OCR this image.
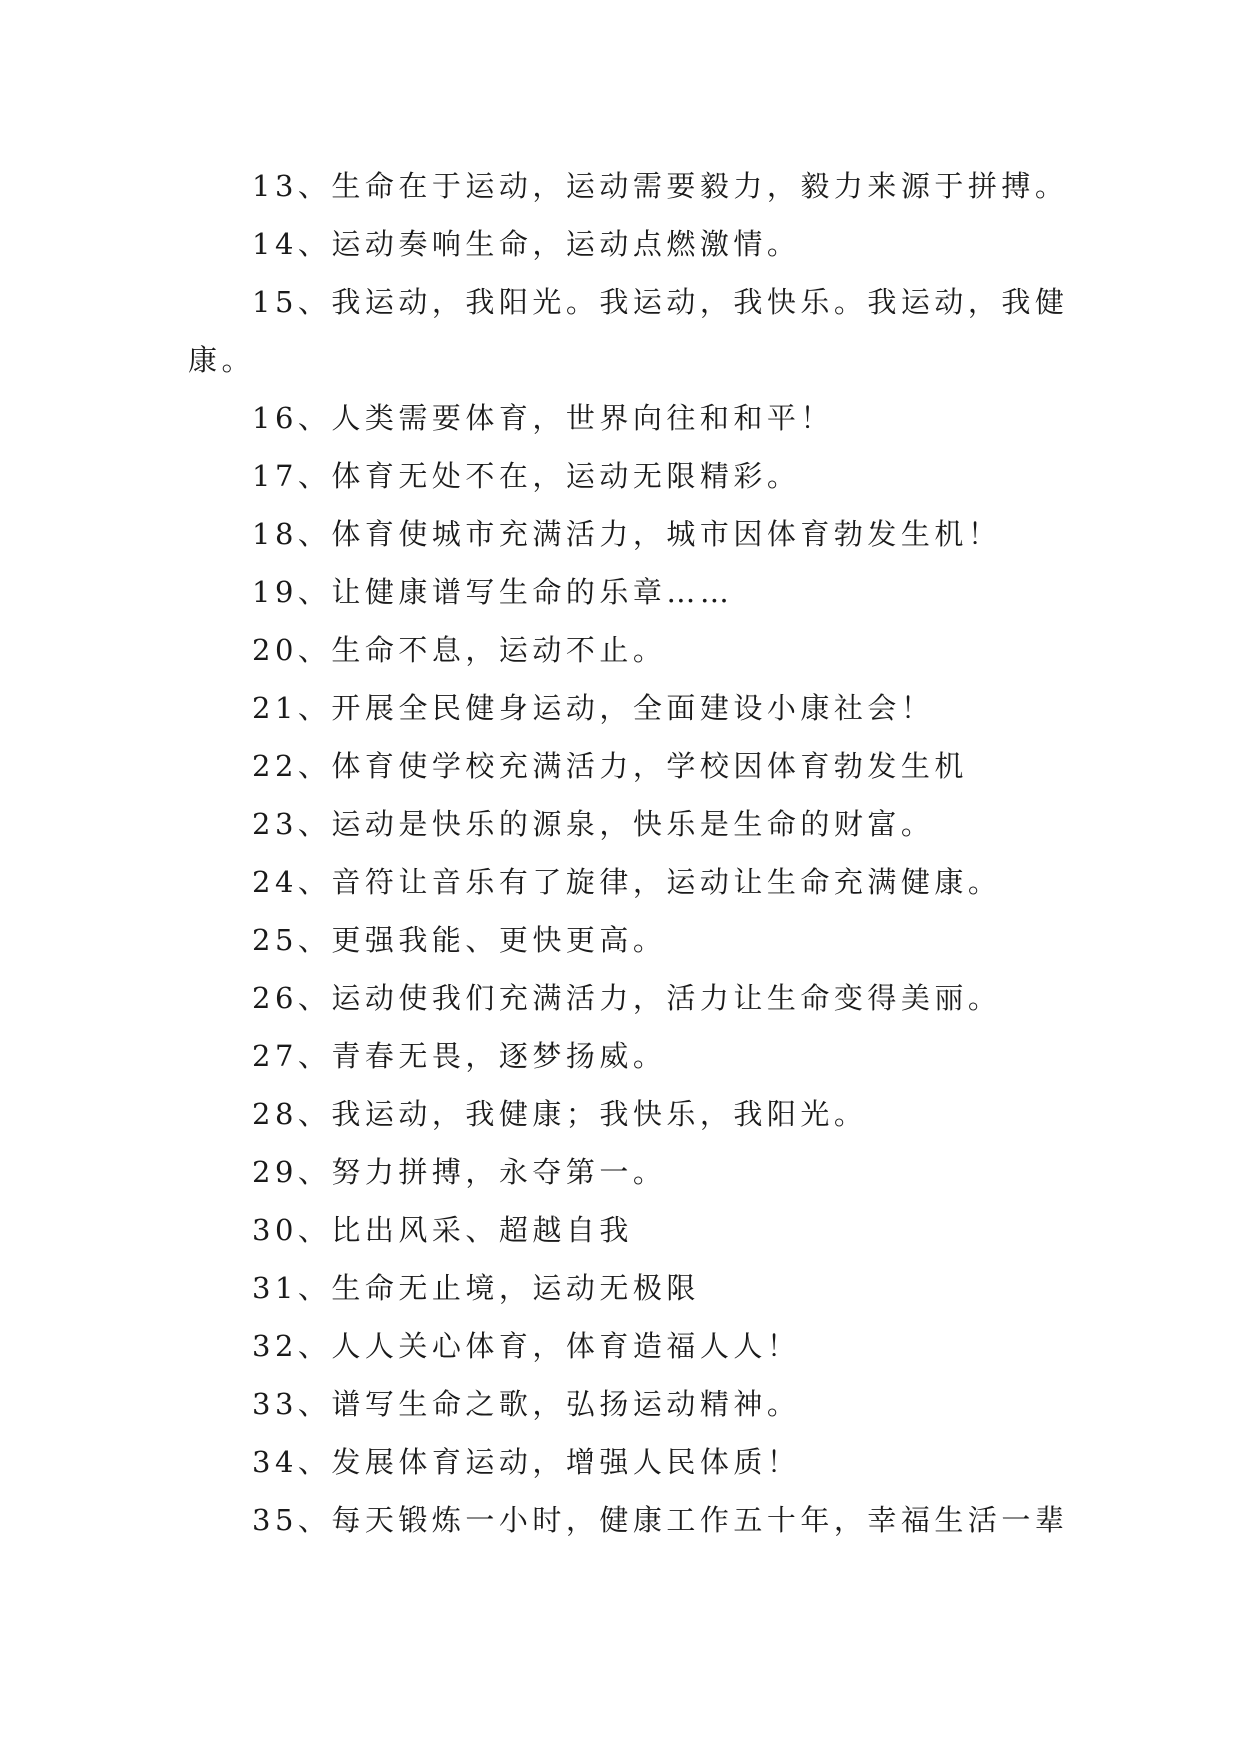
13、生命在于运动，运动需要毅力，毅力来源于拼搏。
14、运动奏响生命，运动点燃激情。
15、我运动，我阳光。我运动，我快乐。我运动，我健
康。
16、人类需要体育，世界向往和和平！
17、体育无处不在，运动无限精彩。
18、体育使城市充满活力，城市因体育勃发生机！
19、让健康谱写生命的乐章……
20、生命不息，运动不止。
21、开展全民健身运动，全面建设小康社会！
22、体育使学校充满活力，学校因体育勃发生机
23、运动是快乐的源泉，快乐是生命的财富。
24、音符让音乐有了旋律，运动让生命充满健康。
25、更强我能、更快更高。
26、运动使我们充满活力，活力让生命变得美丽。
27、青春无畏，逐梦扬威。
28、我运动，我健康；我快乐，我阳光。
29、努力拼搏，永夺第一。
30、比出风采、超越自我
31、生命无止境，运动无极限
32、人人关心体育，体育造福人人！
33、谱写生命之歌，弘扬运动精神。
34、发展体育运动，增强人民体质！
35、每天锻炼一小时，健康工作五十年，幸福生活一辈
